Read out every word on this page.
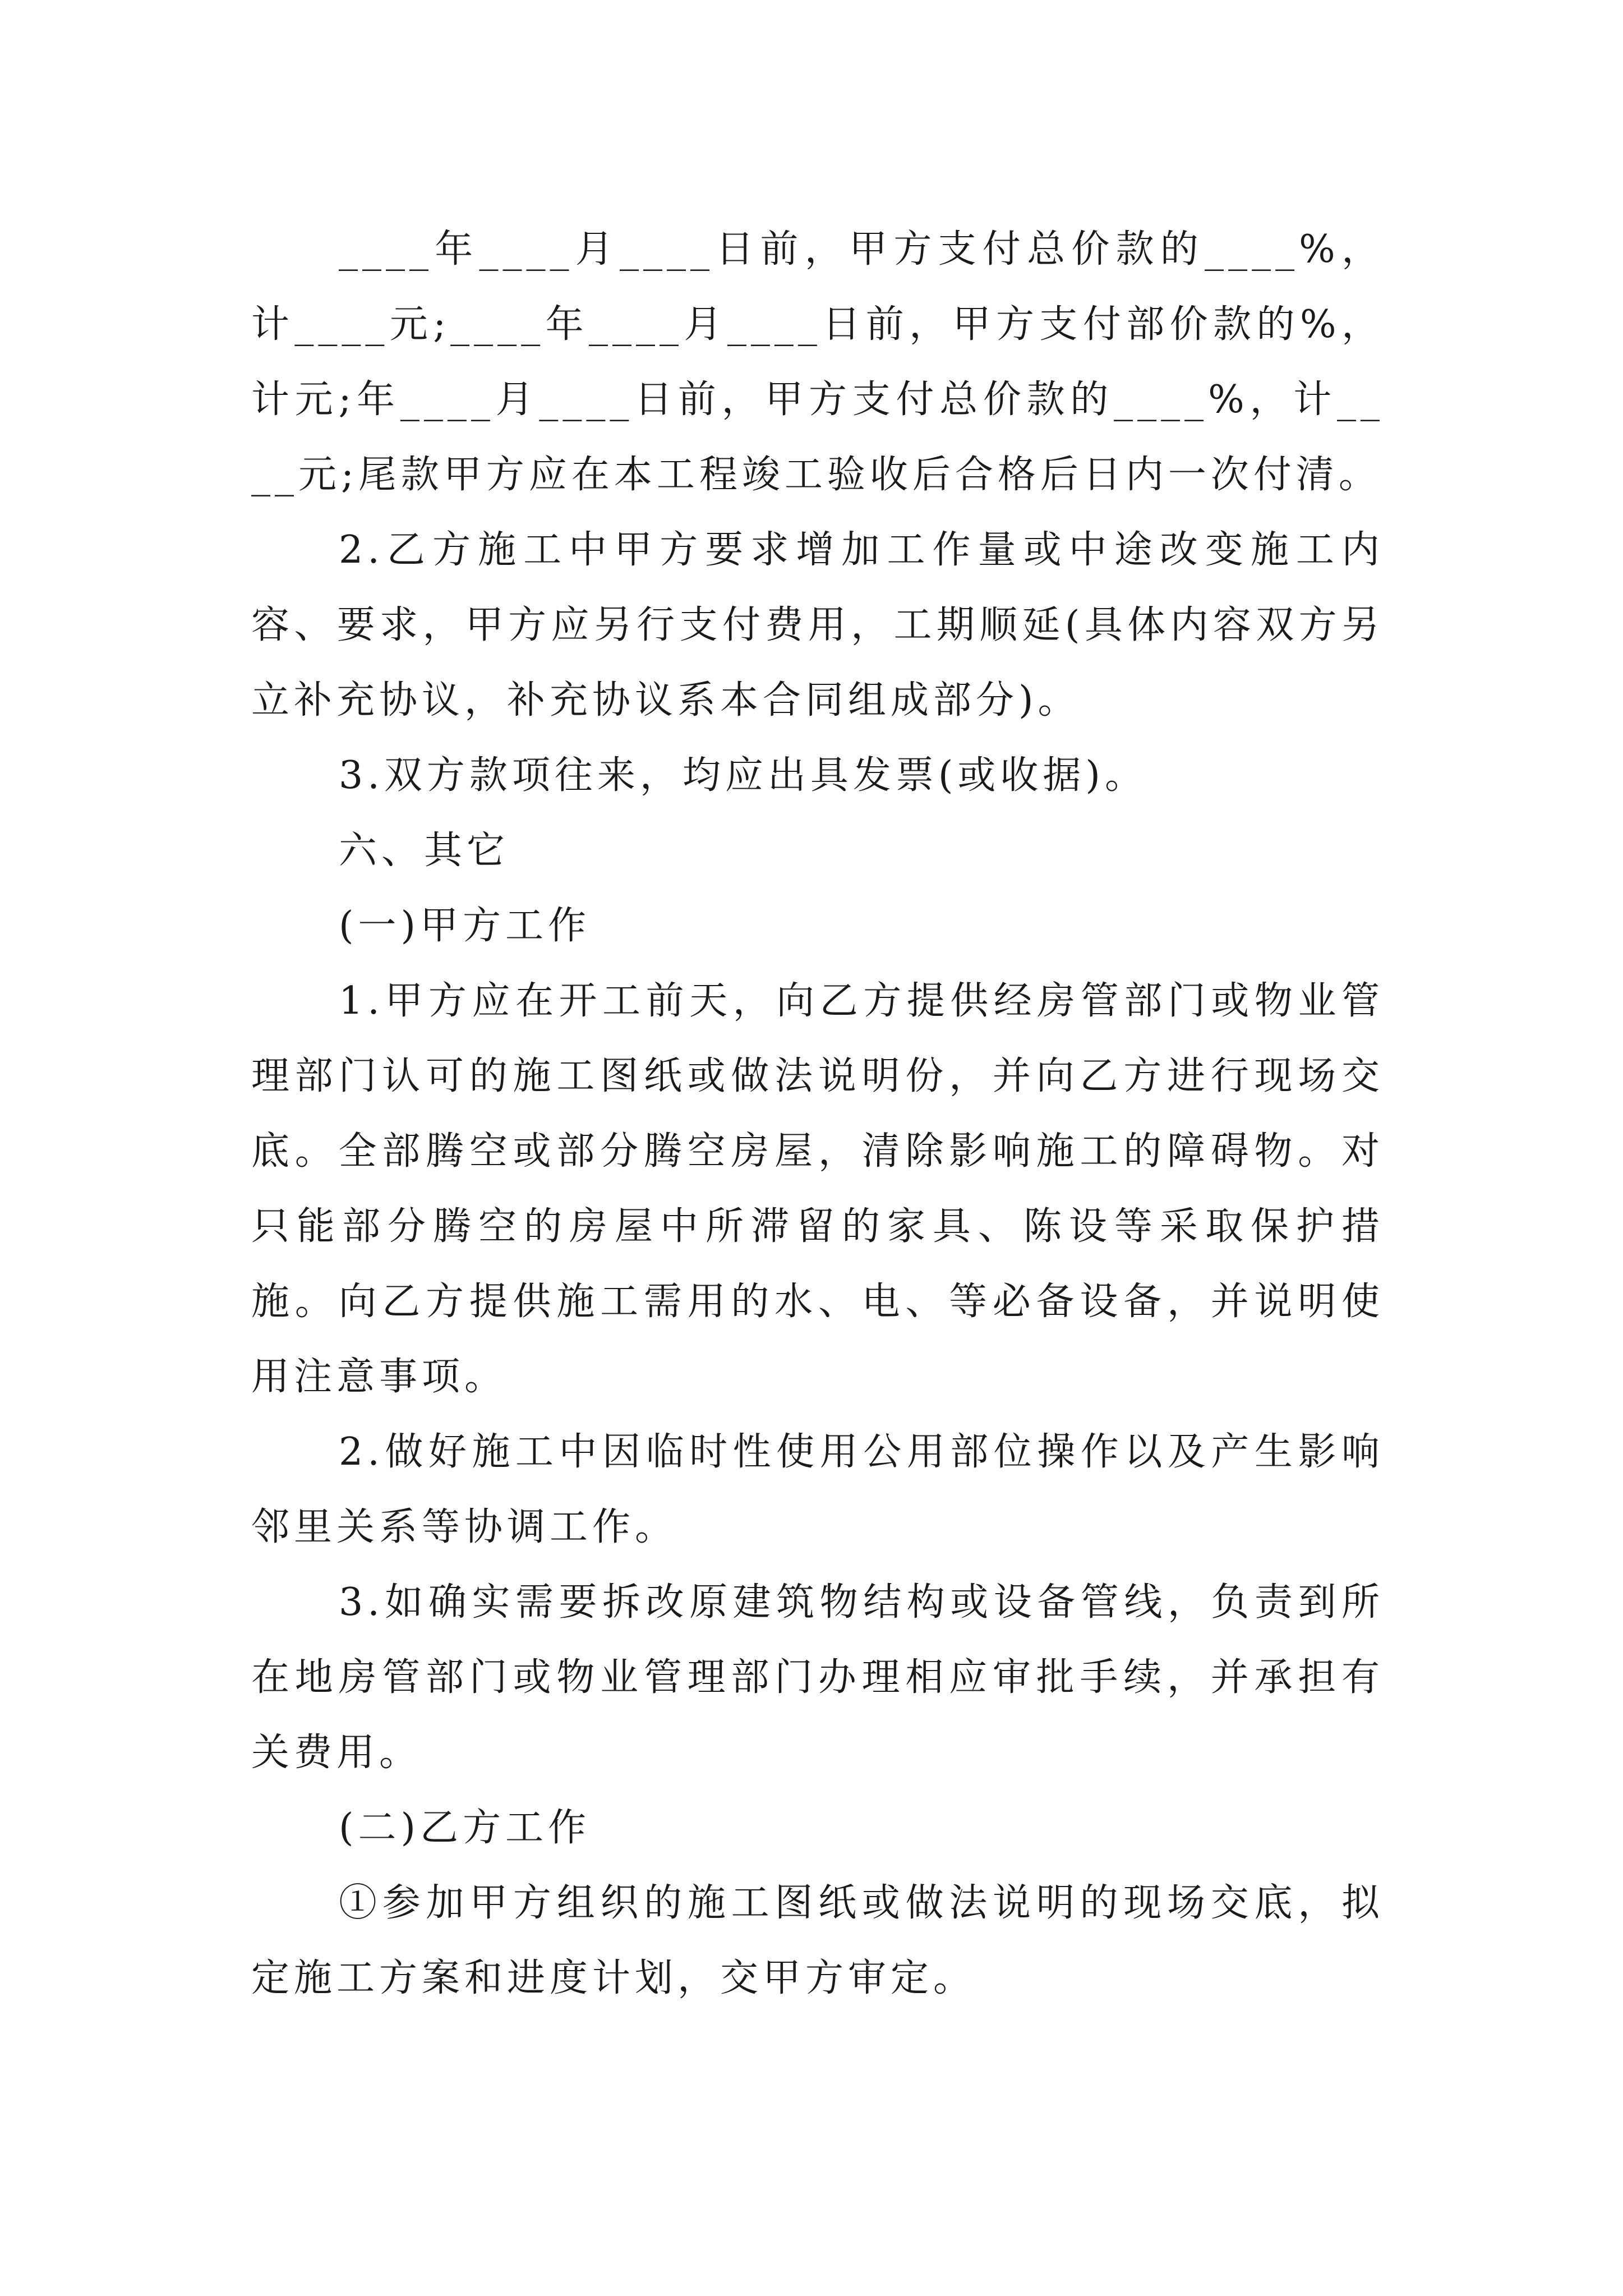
____年____月____日前，甲方支付总价款的____%，计____元;____年____月____日前，甲方支付部价款的%，计元;年____月____日前，甲方支付总价款的____%，计____元;尾款甲方应在本工程竣工验收后合格后日内一次付清。

2.乙方施工中甲方要求增加工作量或中途改变施工内容、要求，甲方应另行支付费用，工期顺延(具体内容双方另立补充协议，补充协议系本合同组成部分)。

3.双方款项往来，均应出具发票(或收据)。

六、其它

(一)甲方工作

1.甲方应在开工前天，向乙方提供经房管部门或物业管理部门认可的施工图纸或做法说明份，并向乙方进行现场交底。全部腾空或部分腾空房屋，清除影响施工的障碍物。对只能部分腾空的房屋中所滞留的家具、陈设等采取保护措施。向乙方提供施工需用的水、电、等必备设备，并说明使用注意事项。

2.做好施工中因临时性使用公用部位操作以及产生影响邻里关系等协调工作。

3.如确实需要拆改原建筑物结构或设备管线，负责到所在地房管部门或物业管理部门办理相应审批手续，并承担有关费用。

(二)乙方工作

①参加甲方组织的施工图纸或做法说明的现场交底，拟定施工方案和进度计划，交甲方审定。
